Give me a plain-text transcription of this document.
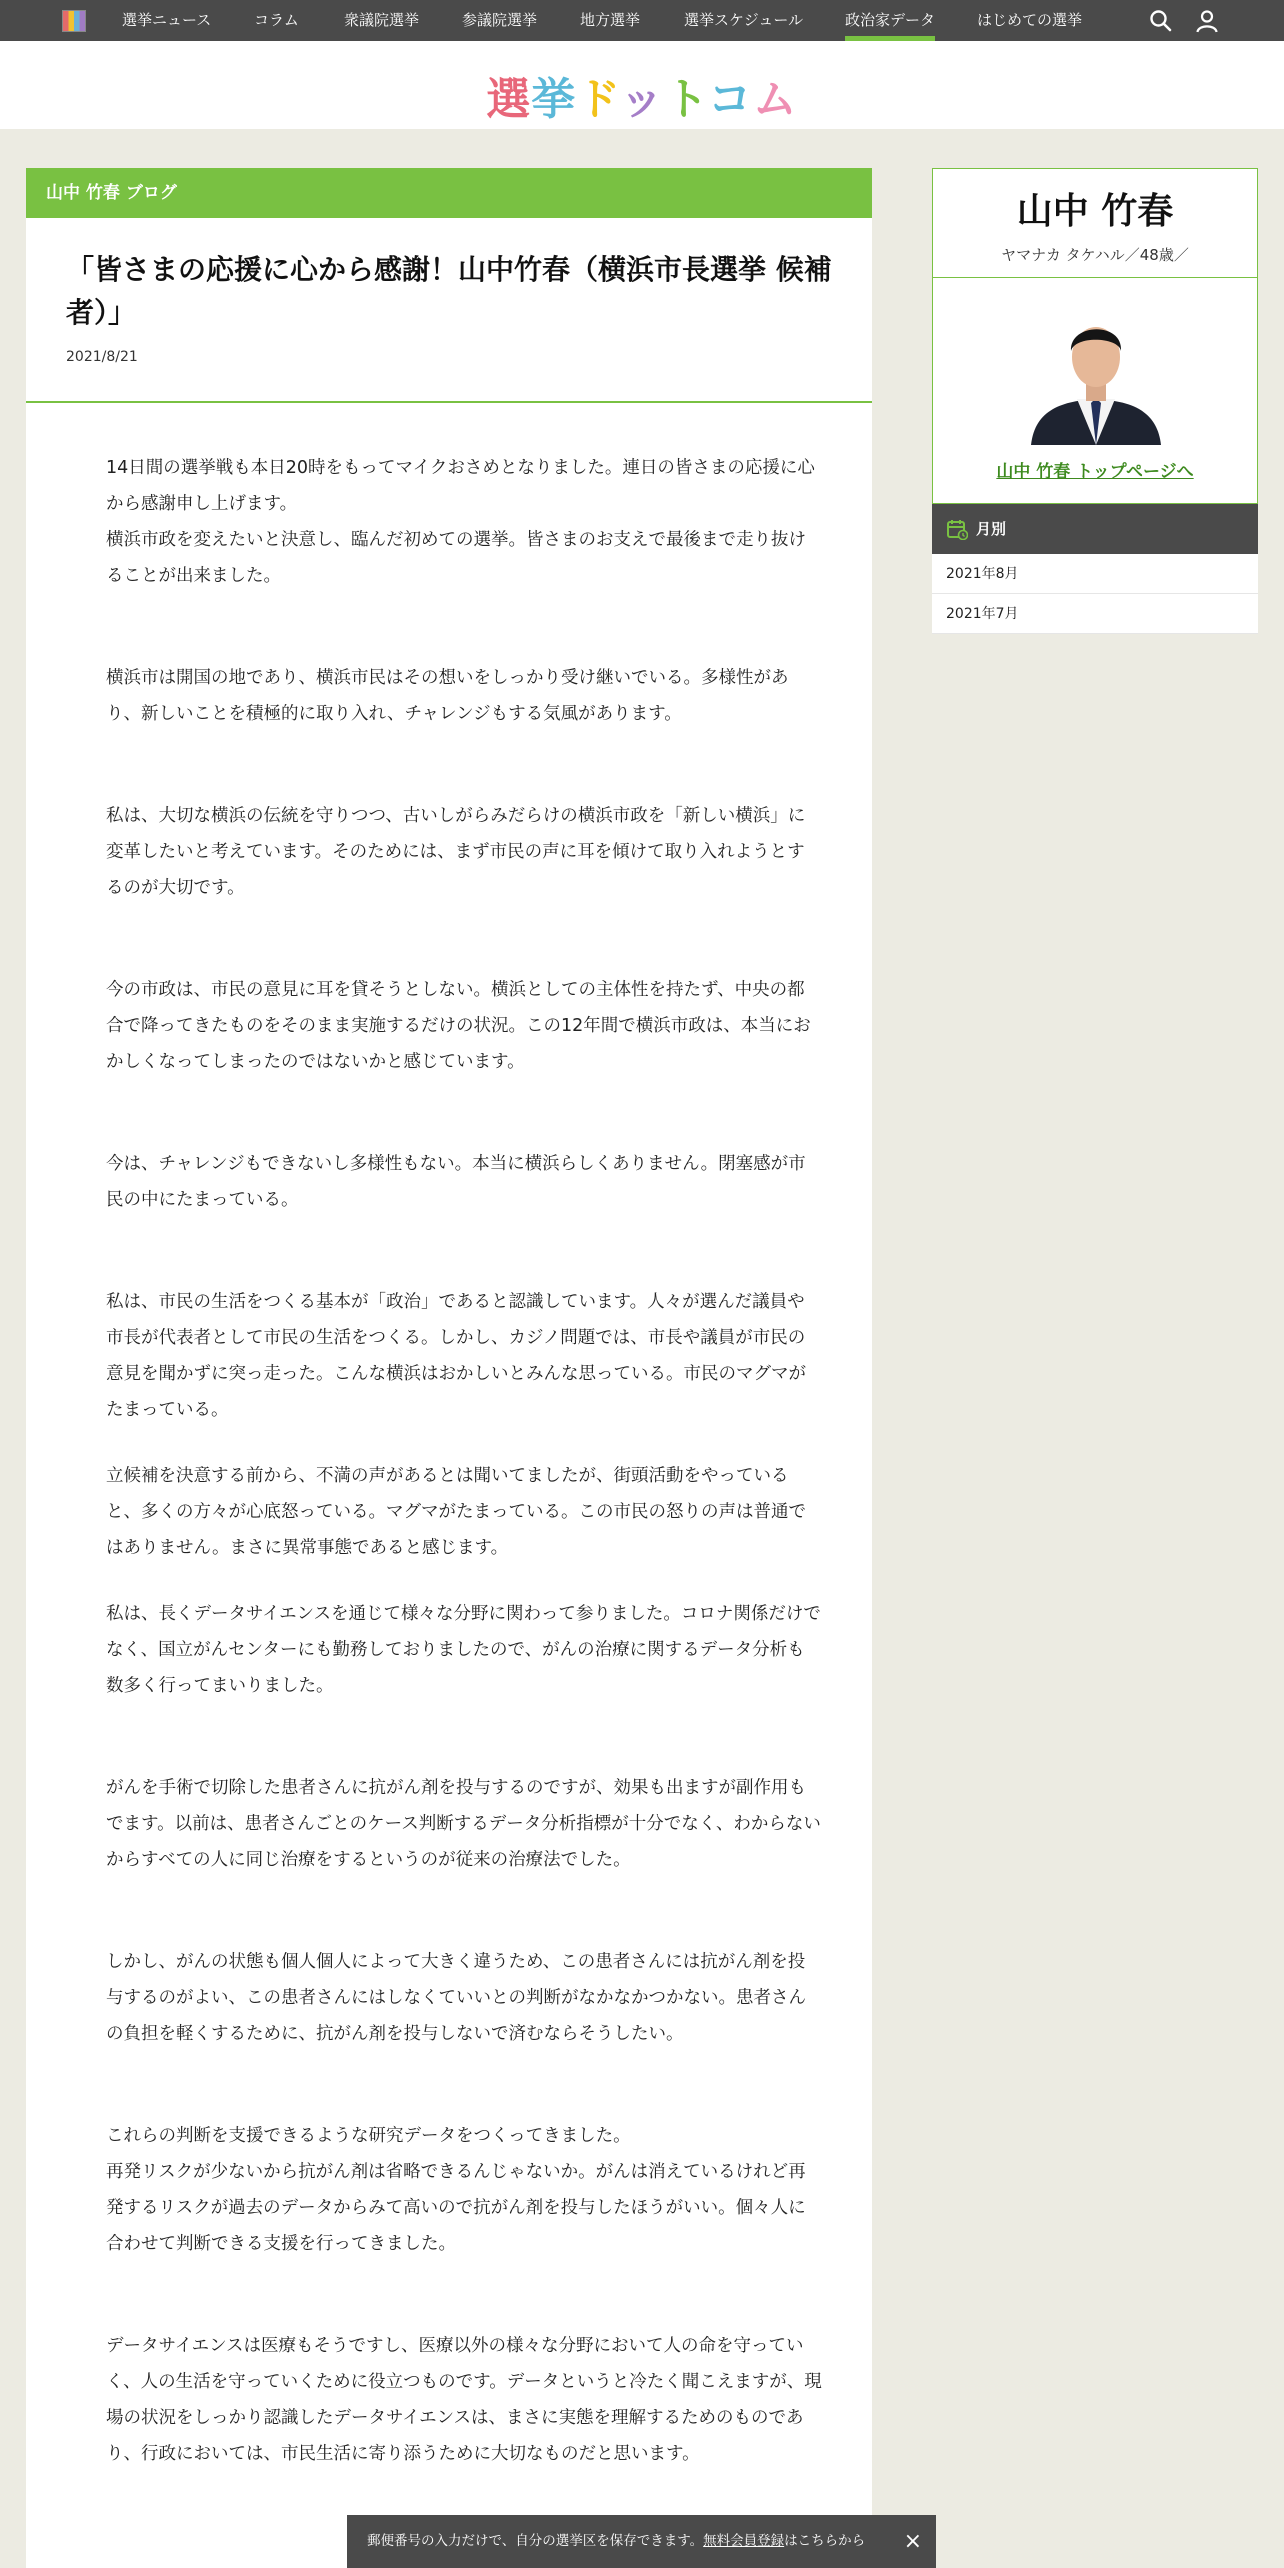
選挙ニュース	コラム	衆議院選挙	参議院選挙	地方選挙	選挙スケジュール	政治家データ	はじめての選挙
選挙ドットコム
山中 竹春 ブログ
「皆さまの応援に心から感謝！山中竹春（横浜市長選挙 候補者）」
2021/8/21

14日間の選挙戦も本日20時をもってマイクおさめとなりました。連日の皆さまの応援に心から感謝申し上げます。
横浜市政を変えたいと決意し、臨んだ初めての選挙。皆さまのお支えで最後まで走り抜けることが出来ました。

横浜市は開国の地であり、横浜市民はその想いをしっかり受け継いでいる。多様性があり、新しいことを積極的に取り入れ、チャレンジもする気風があります。

私は、大切な横浜の伝統を守りつつ、古いしがらみだらけの横浜市政を「新しい横浜」に変革したいと考えています。そのためには、まず市民の声に耳を傾けて取り入れようとするのが大切です。

今の市政は、市民の意見に耳を貸そうとしない。横浜としての主体性を持たず、中央の都合で降ってきたものをそのまま実施するだけの状況。この12年間で横浜市政は、本当におかしくなってしまったのではないかと感じています。

今は、チャレンジもできないし多様性もない。本当に横浜らしくありません。閉塞感が市民の中にたまっている。

私は、市民の生活をつくる基本が「政治」であると認識しています。人々が選んだ議員や市長が代表者として市民の生活をつくる。しかし、カジノ問題では、市長や議員が市民の意見を聞かずに突っ走った。こんな横浜はおかしいとみんな思っている。市民のマグマがたまっている。

立候補を決意する前から、不満の声があるとは聞いてましたが、街頭活動をやっていると、多くの方々が心底怒っている。マグマがたまっている。この市民の怒りの声は普通ではありません。まさに異常事態であると感じます。

私は、長くデータサイエンスを通じて様々な分野に関わって参りました。コロナ関係だけでなく、国立がんセンターにも勤務しておりましたので、がんの治療に関するデータ分析も数多く行ってまいりました。

がんを手術で切除した患者さんに抗がん剤を投与するのですが、効果も出ますが副作用もでます。以前は、患者さんごとのケース判断するデータ分析指標が十分でなく、わからないからすべての人に同じ治療をするというのが従来の治療法でした。

しかし、がんの状態も個人個人によって大きく違うため、この患者さんには抗がん剤を投与するのがよい、この患者さんにはしなくていいとの判断がなかなかつかない。患者さんの負担を軽くするために、抗がん剤を投与しないで済むならそうしたい。

これらの判断を支援できるような研究データをつくってきました。
再発リスクが少ないから抗がん剤は省略できるんじゃないか。がんは消えているけれど再発するリスクが過去のデータからみて高いので抗がん剤を投与したほうがいい。個々人に合わせて判断できる支援を行ってきました。

データサイエンスは医療もそうですし、医療以外の様々な分野において人の命を守っていく、人の生活を守っていくために役立つものです。データというと冷たく聞こえますが、現場の状況をしっかり認識したデータサイエンスは、まさに実態を理解するためのものであり、行政においては、市民生活に寄り添うために大切なものだと思います。

山中 竹春
ヤマナカ タケハル／48歳／
山中 竹春 トップページへ
月別
2021年8月
2021年7月
郵便番号の入力だけで、自分の選挙区を保存できます。無料会員登録はこちらから ×
